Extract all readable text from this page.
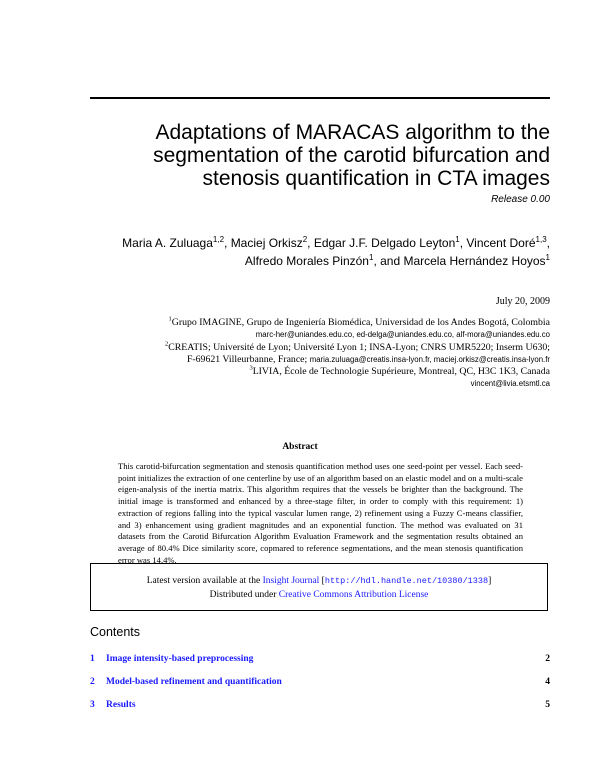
Adaptations of MARACAS algorithm to the
segmentation of the carotid bifurcation and
stenosis quantification in CTA images
Release 0.00
Maria A. Zuluaga$^{1,2}$, Maciej Orkisz$^2$, Edgar J.F. Delgado Leyton$^1$, Vincent Doré$^{1,3}$,
Alfredo Morales Pinzón$^1$, and Marcela Hernández Hoyos$^1$
July 20, 2009
$^1$Grupo IMAGINE, Grupo de Ingeniería Biomédica, Universidad de los Andes Bogotá, Colombia
marc-her@uniandes.edu.co, ed-delga@uniandes.edu.co, alf-mora@uniandes.edu.co
$^2$CREATIS; Université de Lyon; Université Lyon 1; INSA-Lyon; CNRS UMR5220; Inserm U630;
F-69621 Villeurbanne, France; maria.zuluaga@creatis.insa-lyon.fr, maciej.orkisz@creatis.insa-lyon.fr
$^3$LIVIA, École de Technologie Supérieure, Montreal, QC, H3C 1K3, Canada
vincent@livia.etsmtl.ca
Abstract
This carotid-bifurcation segmentation and stenosis quantification method uses one seed-point per vessel. Each seed-point initializes the extraction of one centerline by use of an algorithm based on an elastic model and on a multi-scale eigen-analysis of the inertia matrix. This algorithm requires that the vessels be brighter than the background. The initial image is transformed and enhanced by a three-stage filter, in order to comply with this requirement: 1) extraction of regions falling into the typical vascular lumen range, 2) refinement using a Fuzzy C-means classifier, and 3) enhancement using gradient magnitudes and an exponential function. The method was evaluated on 31 datasets from the Carotid Bifurcation Algorithm Evaluation Framework and the segmentation results obtained an average of 80.4% Dice similarity score, copmared to reference segmentations, and the mean stenosis quantification error was 14.4%.
Latest version available at the Insight Journal [http://hdl.handle.net/10380/1338]
Distributed under Creative Commons Attribution License
Contents
1 Image intensity-based preprocessing	2
2 Model-based refinement and quantification	4
3 Results	5
